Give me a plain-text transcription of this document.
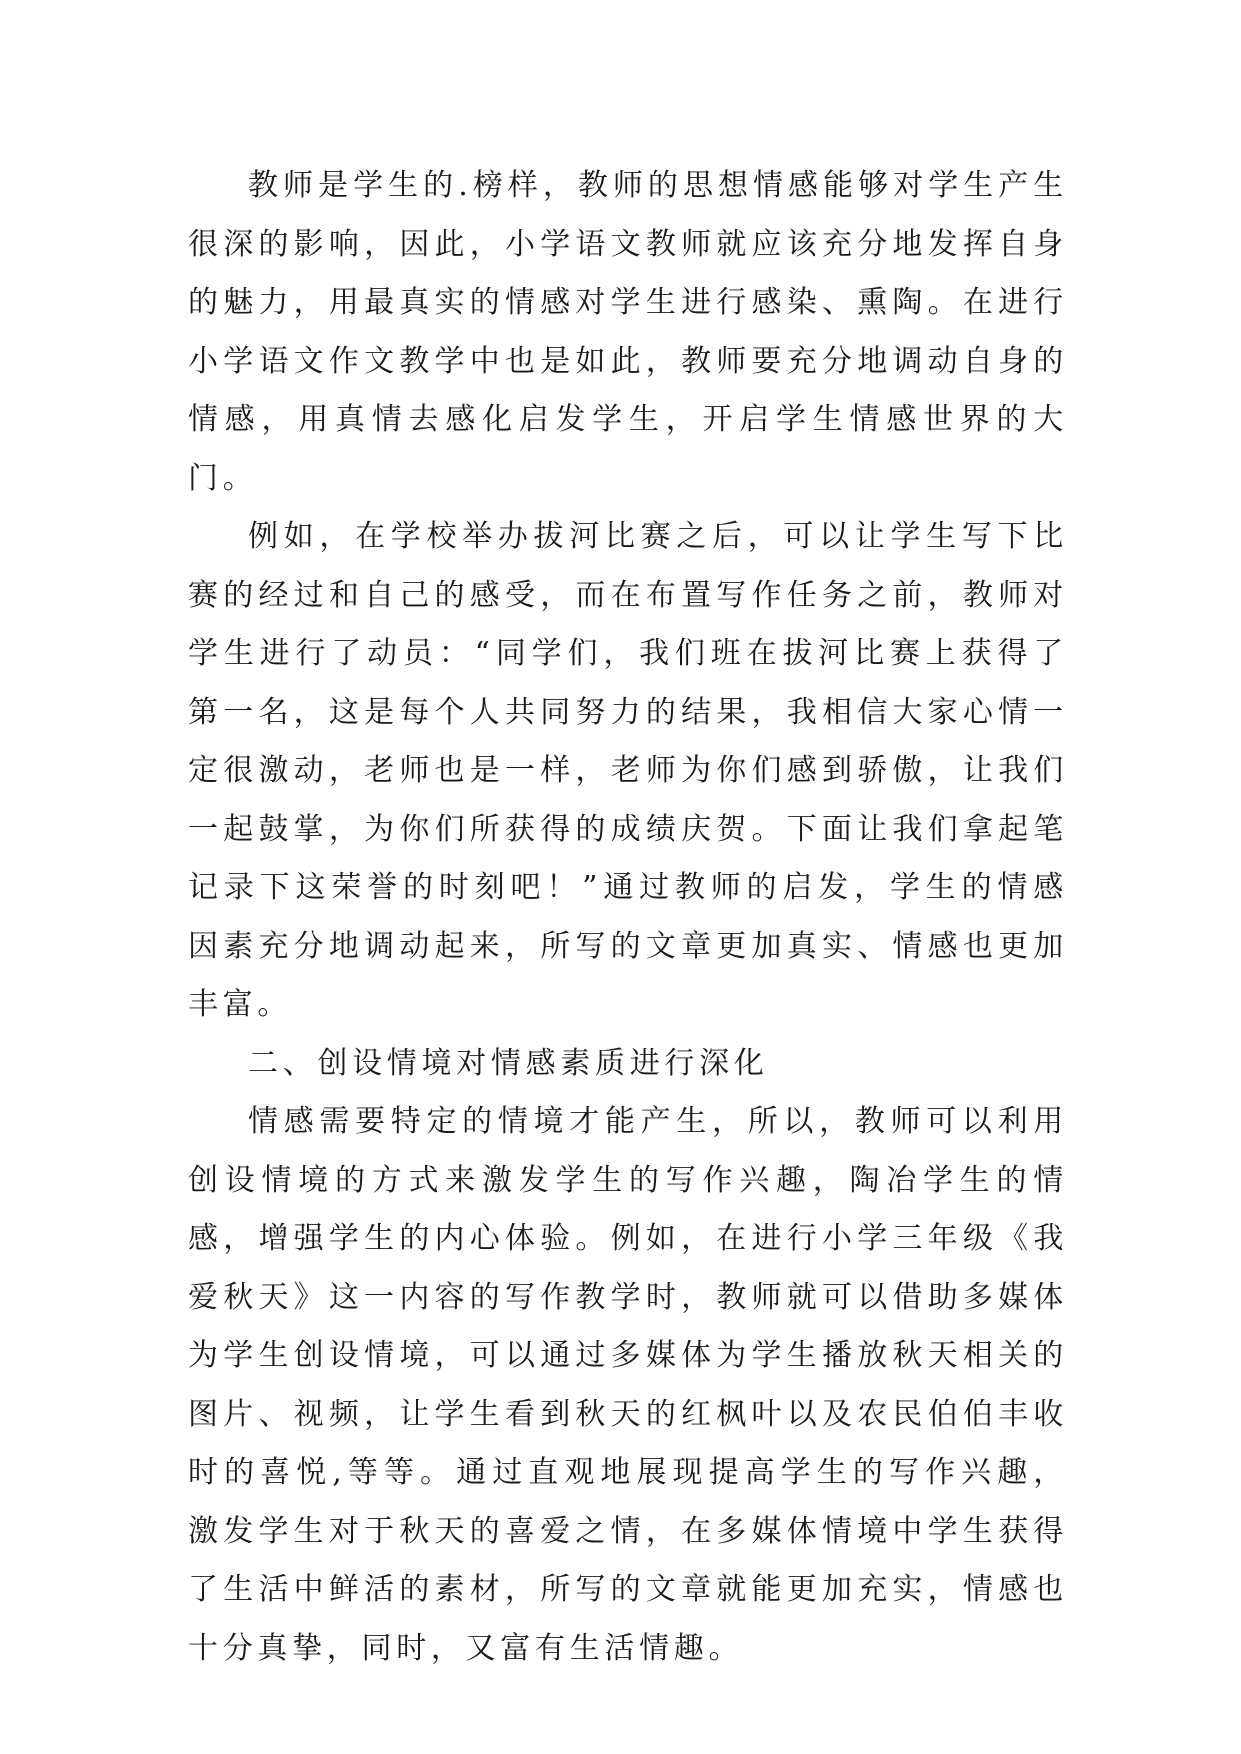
教师是学生的.榜样，教师的思想情感能够对学生产生很深的影响，因此，小学语文教师就应该充分地发挥自身的魅力，用最真实的情感对学生进行感染、熏陶。在进行小学语文作文教学中也是如此，教师要充分地调动自身的情感，用真情去感化启发学生，开启学生情感世界的大门。

例如，在学校举办拔河比赛之后，可以让学生写下比赛的经过和自己的感受，而在布置写作任务之前，教师对学生进行了动员：“同学们，我们班在拔河比赛上获得了第一名，这是每个人共同努力的结果，我相信大家心情一定很激动，老师也是一样，老师为你们感到骄傲，让我们一起鼓掌，为你们所获得的成绩庆贺。下面让我们拿起笔记录下这荣誉的时刻吧！”通过教师的启发，学生的情感因素充分地调动起来，所写的文章更加真实、情感也更加丰富。

二、创设情境对情感素质进行深化

情感需要特定的情境才能产生，所以，教师可以利用创设情境的方式来激发学生的写作兴趣，陶冶学生的情感，增强学生的内心体验。例如，在进行小学三年级《我爱秋天》这一内容的写作教学时，教师就可以借助多媒体为学生创设情境，可以通过多媒体为学生播放秋天相关的图片、视频，让学生看到秋天的红枫叶以及农民伯伯丰收时的喜悦,等等。通过直观地展现提高学生的写作兴趣，激发学生对于秋天的喜爱之情，在多媒体情境中学生获得了生活中鲜活的素材，所写的文章就能更加充实，情感也十分真挚，同时，又富有生活情趣。
